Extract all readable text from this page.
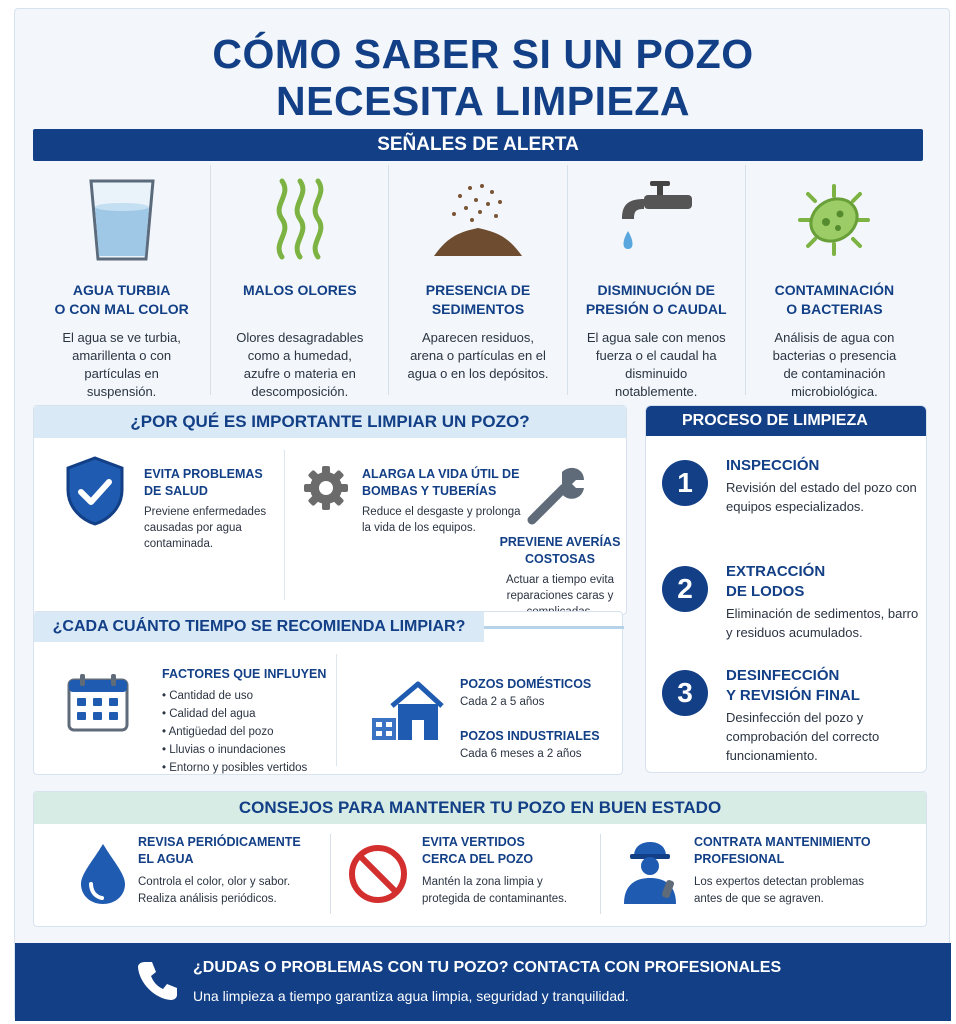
CÓMO SABER SI UN POZO
NECESITA LIMPIEZA
SEÑALES DE ALERTA
AGUA TURBIA
O CON MAL COLOR

El agua se ve turbia, amarillenta o con partículas en suspensión.

MALOS OLORES

Olores desagradables como a humedad, azufre o materia en descomposición.

PRESENCIA DE
SEDIMENTOS

Aparecen residuos, arena o partículas en el agua o en los depósitos.

DISMINUCIÓN DE
PRESIÓN O CAUDAL

El agua sale con menos fuerza o el caudal ha disminuido notablemente.

CONTAMINACIÓN
O BACTERIAS

Análisis de agua con bacterias o presencia de contaminación microbiológica.

¿POR QUÉ ES IMPORTANTE LIMPIAR UN POZO?
EVITA PROBLEMAS
DE SALUD

Previene enfermedades causadas por agua contaminada.

ALARGA LA VIDA ÚTIL DE
BOMBAS Y TUBERÍAS

Reduce el desgaste y prolonga la vida de los equipos.

PREVIENE AVERÍAS
COSTOSAS

Actuar a tiempo evita reparaciones caras y

¿CADA CUÁNTO TIEMPO SE RECOMIENDA LIMPIAR?
FACTORES QUE INFLUYEN
• Cantidad de uso
• Calidad del agua
• Antigüedad del pozo
• Lluvias o inundaciones
• Entorno y posibles vertidos
POZOS DOMÉSTICOS

Cada 2 a 5 años

POZOS INDUSTRIALES

Cada 6 meses a 2 años

PROCESO DE LIMPIEZA
1
INSPECCIÓN

Revisión del estado del pozo con equipos especializados.

2
EXTRACCIÓN
DE LODOS

Eliminación de sedimentos, barro y residuos acumulados.

3
DESINFECCIÓN
Y REVISIÓN FINAL

Desinfección del pozo y comprobación del correcto funcionamiento.

CONSEJOS PARA MANTENER TU POZO EN BUEN ESTADO
REVISA PERIÓDICAMENTE
EL AGUA

Controla el color, olor y sabor.
Realiza análisis periódicos.

EVITA VERTIDOS
CERCA DEL POZO

Mantén la zona limpia y
protegida de contaminantes.

CONTRATA MANTENIMIENTO
PROFESIONAL

Los expertos detectan problemas
antes de que se agraven.

¿DUDAS O PROBLEMAS CON TU POZO? CONTACTA CON PROFESIONALES

Una limpieza a tiempo garantiza agua limpia, seguridad y tranquilidad.
